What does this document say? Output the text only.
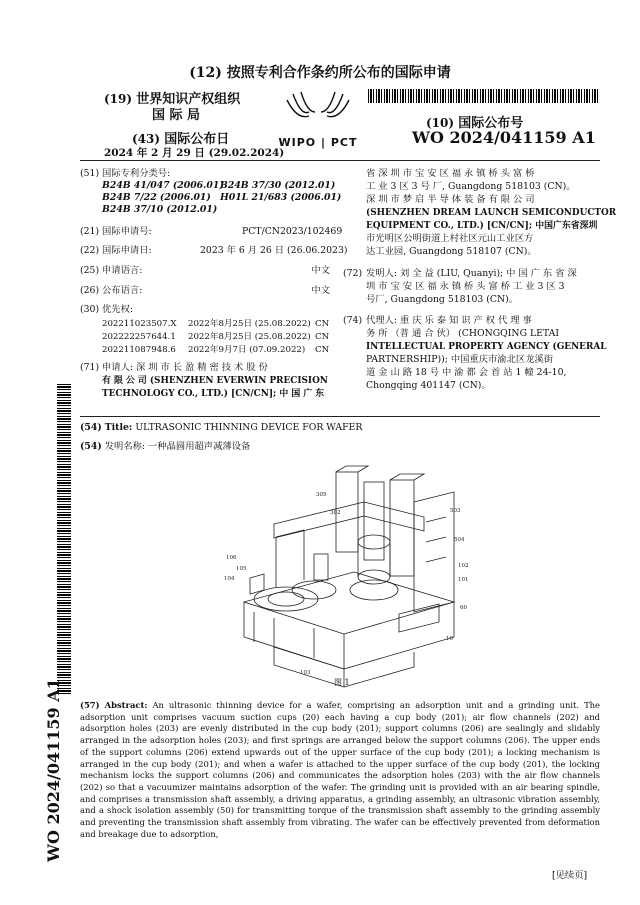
(12) 按照专利合作条约所公布的国际申请
(19) 世界知识产权组织
国 际 局
(43) 国际公布日
2024 年 2 月 29 日 (29.02.2024)
WIPO | PCT
(10) 国际公布号
WO 2024/041159 A1
(51) 国际专利分类号:
B24B 41/047 (2006.01)
B24B 37/30 (2012.01)
B24B 7/22 (2006.01) H01L 21/683 (2006.01)
B24B 37/10 (2012.01)
(21) 国际申请号:	PCT/CN2023/102469
(22) 国际申请日:	2023 年 6 月 26 日 (26.06.2023)
(25) 申请语言:	中文
(26) 公布语言:	中文
(30) 优先权:
202211023507.X 2022年8月25日 (25.08.2022) CN
202222257644.1 2022年8月25日 (25.08.2022) CN
202211087948.6 2022年9月7日 (07.09.2022) CN
(71) 申请人: 深 圳 市 长 盈 精 密 技 术 股 份
有 限 公 司 (SHENZHEN EVERWIN PRECISION
TECHNOLOGY CO., LTD.) [CN/CN]; 中 国 广 东
省 深 圳 市 宝 安 区 福 永 镇 桥 头 富 桥
工 业 3 区 3 号 厂, Guangdong 518103 (CN)。
深 圳 市 梦 启 半 导 体 装 备 有 限 公 司
(SHENZHEN DREAM LAUNCH SEMICONDUCTOR
EQUIPMENT CO., LTD.) [CN/CN]; 中国广东省深圳
市光明区公明街道上村社区元山工业区方
达工业园, Guangdong 518107 (CN)。
(72) 发明人: 刘 全 益 (LIU, Quanyi); 中 国 广 东 省 深
圳 市 宝 安 区 福 永 镇 桥 头 富 桥 工 业 3 区 3
号厂, Guangdong 518103 (CN)。
(74) 代理人: 重 庆 乐 泰 知 识 产 权 代 理 事
务 所 （普 通 合 伙） (CHONGQING LETAI
INTELLECTUAL PROPERTY AGENCY (GENERAL
PARTNERSHIP)); 中国重庆市渝北区龙溪街
道 金 山 路 18 号 中 渝 都 会 首 站 1 幢 24-10,
Chongqing 401147 (CN)。
(54) Title: ULTRASONIC THINNING DEVICE FOR WAFER
(54) 发明名称: 一种晶圆用超声减薄设备
305
302	503
504
102
101
106
105
104
60
10
103
图 1
(57) Abstract: An ultrasonic thinning device for a wafer, comprising an adsorption unit and a grinding unit. The adsorption unit comprises vacuum suction cups (20) each having a cup body (201); air flow channels (202) and adsorption holes (203) are evenly distributed in the cup body (201); support columns (206) are sealingly and slidably arranged in the adsorption holes (203); and first springs are arranged below the support columns (206). The upper ends of the support columns (206) extend upwards out of the upper surface of the cup body (201); a locking mechanism is arranged in the cup body (201); and when a wafer is attached to the upper surface of the cup body (201), the locking mechanism locks the support columns (206) and communicates the adsorption holes (203) with the air flow channels (202) so that a vacuumizer maintains adsorption of the wafer. The grinding unit is provided with an air bearing spindle, and comprises a transmission shaft assembly, a driving apparatus, a grinding assembly, an ultrasonic vibration assembly, and a shock isolation assembly (50) for transmitting torque of the transmission shaft assembly to the grinding assembly and preventing the transmission shaft assembly from vibrating. The wafer can be effectively prevented from deformation and breakage due to adsorption,
WO 2024/041159 A1
[见续页]
